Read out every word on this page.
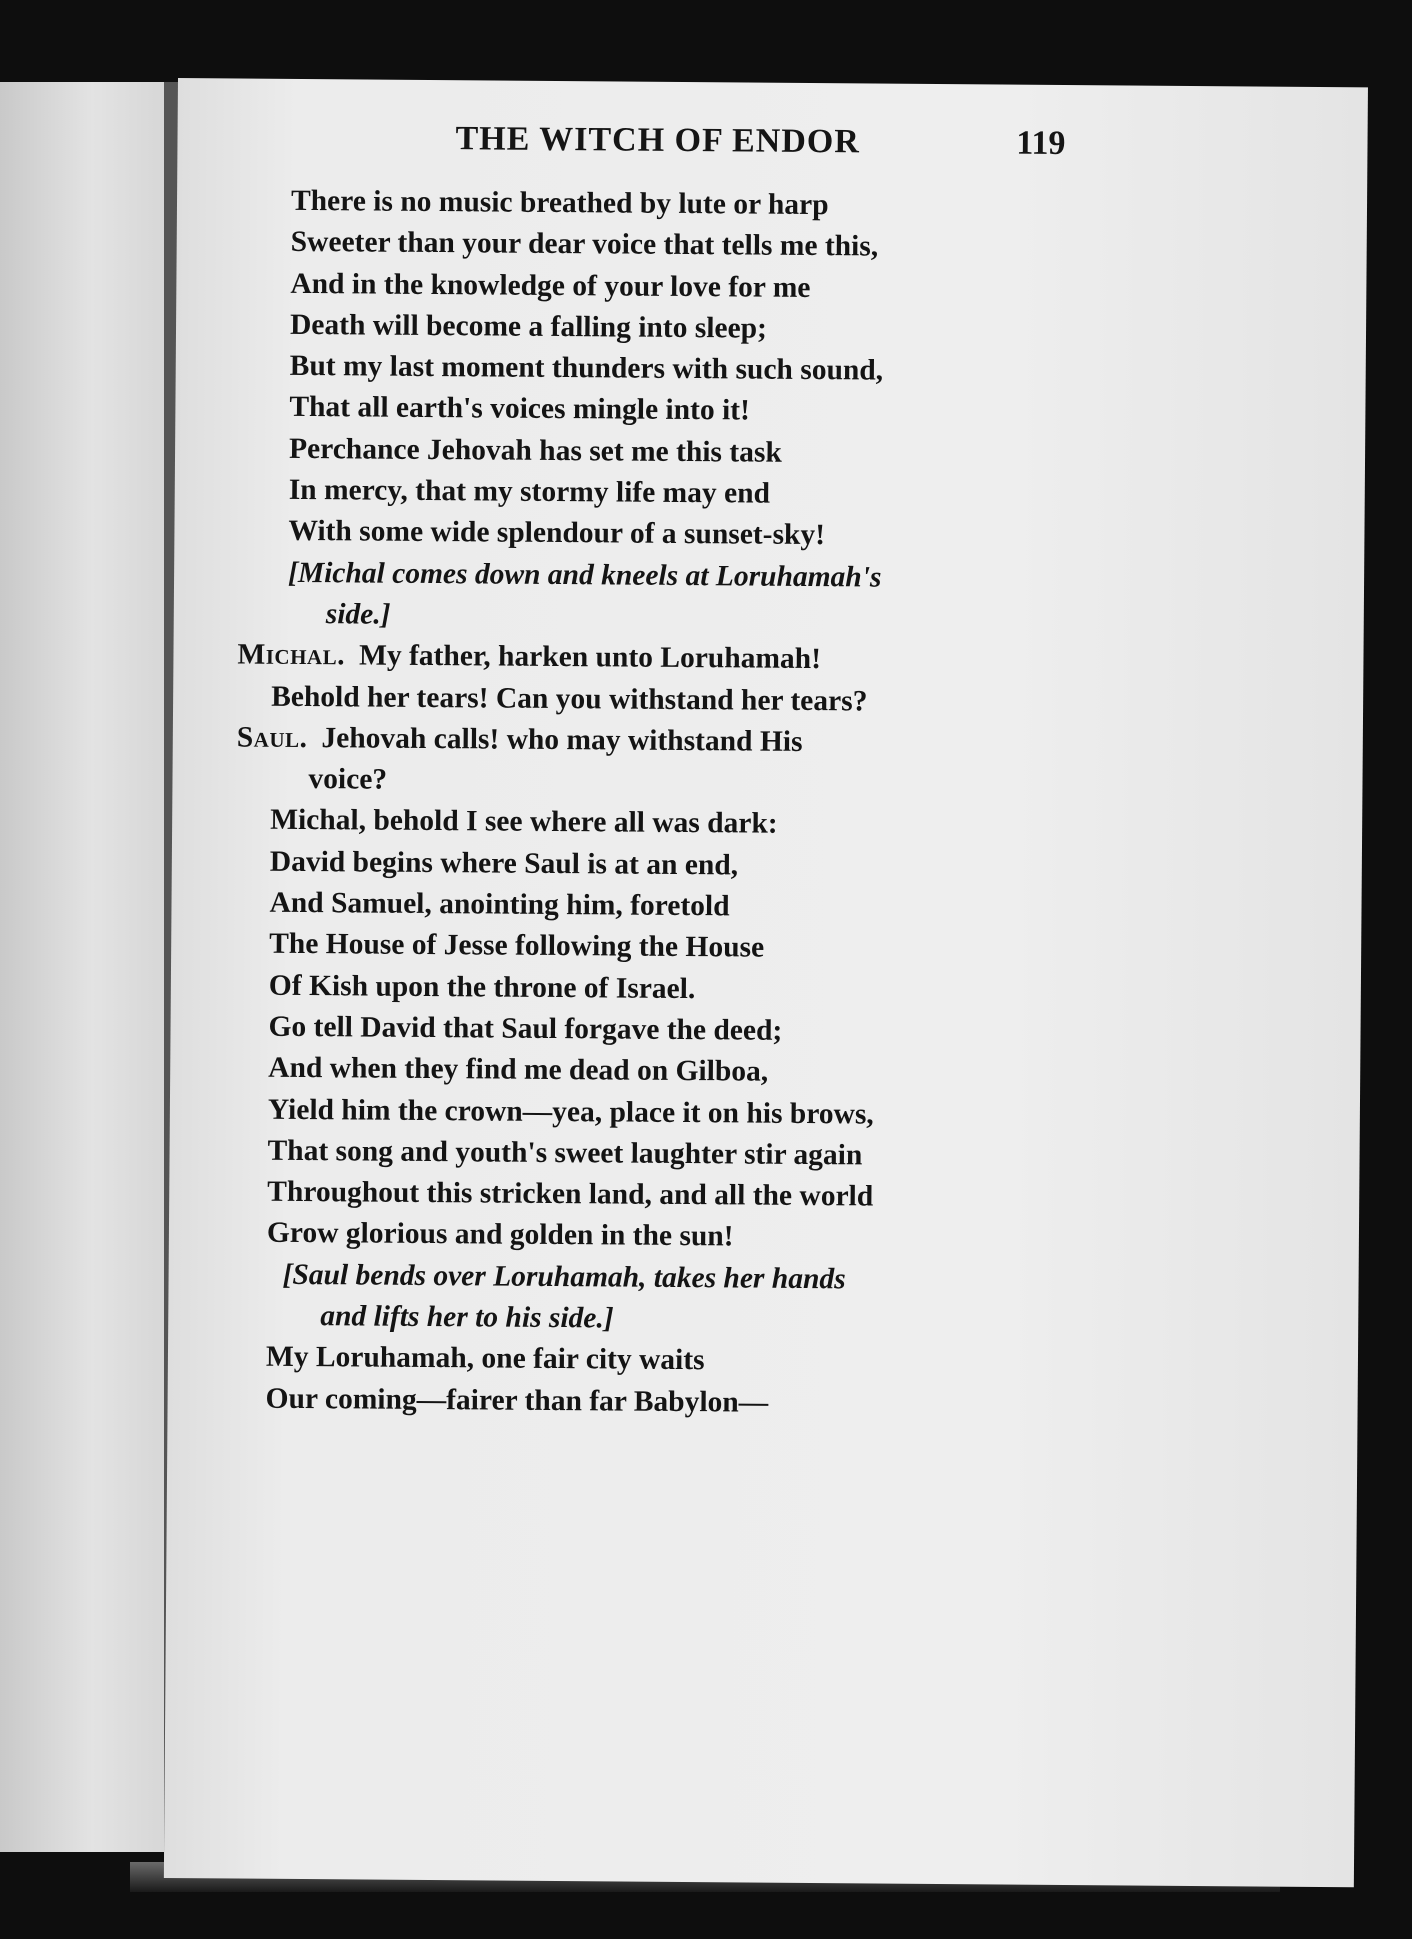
THE WITCH OF ENDOR	119
There is no music breathed by lute or harp
Sweeter than your dear voice that tells me this,
And in the knowledge of your love for me
Death will become a falling into sleep;
But my last moment thunders with such sound,
That all earth's voices mingle into it!
Perchance Jehovah has set me this task
In mercy, that my stormy life may end
With some wide splendour of a sunset-sky!
[Michal comes down and kneels at Loruhamah's
side.]
Michal. My father, harken unto Loruhamah!
Behold her tears! Can you withstand her tears?
Saul. Jehovah calls! who may withstand His
voice?
Michal, behold I see where all was dark:
David begins where Saul is at an end,
And Samuel, anointing him, foretold
The House of Jesse following the House
Of Kish upon the throne of Israel.
Go tell David that Saul forgave the deed;
And when they find me dead on Gilboa,
Yield him the crown—yea, place it on his brows,
That song and youth's sweet laughter stir again
Throughout this stricken land, and all the world
Grow glorious and golden in the sun!
[Saul bends over Loruhamah, takes her hands
and lifts her to his side.]
My Loruhamah, one fair city waits
Our coming—fairer than far Babylon—
